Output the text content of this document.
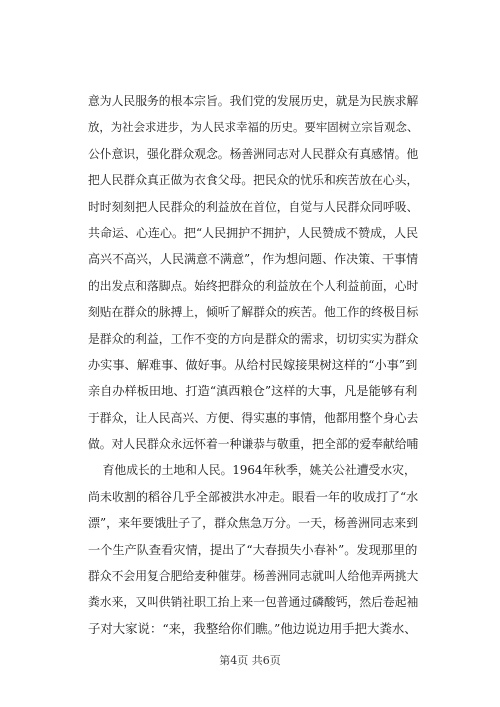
意为人民服务的根本宗旨。我们党的发展历史，就是为民族求解
放，为社会求进步，为人民求幸福的历史。要牢固树立宗旨观念、
公仆意识，强化群众观念。杨善洲同志对人民群众有真感情。他
把人民群众真正做为衣食父母。把民众的忧乐和疾苦放在心头，
时时刻刻把人民群众的利益放在首位，自觉与人民群众同呼吸、
共命运、心连心。把“人民拥护不拥护，人民赞成不赞成，人民
高兴不高兴，人民满意不满意”，作为想问题、作决策、干事情
的出发点和落脚点。始终把群众的利益放在个人利益前面，心时
刻贴在群众的脉搏上，倾听了解群众的疾苦。他工作的终极目标
是群众的利益，工作不变的方向是群众的需求，切切实实为群众
办实事、解难事、做好事。从给村民嫁接果树这样的“小事”到
亲自办样板田地、打造“滇西粮仓”这样的大事，凡是能够有利
于群众，让人民高兴、方便、得实惠的事情，他都用整个身心去
做。对人民群众永远怀着一种谦恭与敬重，把全部的爱奉献给哺
育他成长的土地和人民。1964年秋季，姚关公社遭受水灾，
尚未收割的稻谷几乎全部被洪水冲走。眼看一年的收成打了“水
漂”，来年要饿肚子了，群众焦急万分。一天，杨善洲同志来到
一个生产队查看灾情，提出了“大春损失小春补”。发现那里的
群众不会用复合肥给麦种催芽。杨善洲同志就叫人给他弄两挑大
粪水来，又叫供销社职工抬上来一包普通过磷酸钙，然后卷起袖
子对大家说：“来，我整给你们瞧。”他边说边用手把大粪水、
第4页 共6页
